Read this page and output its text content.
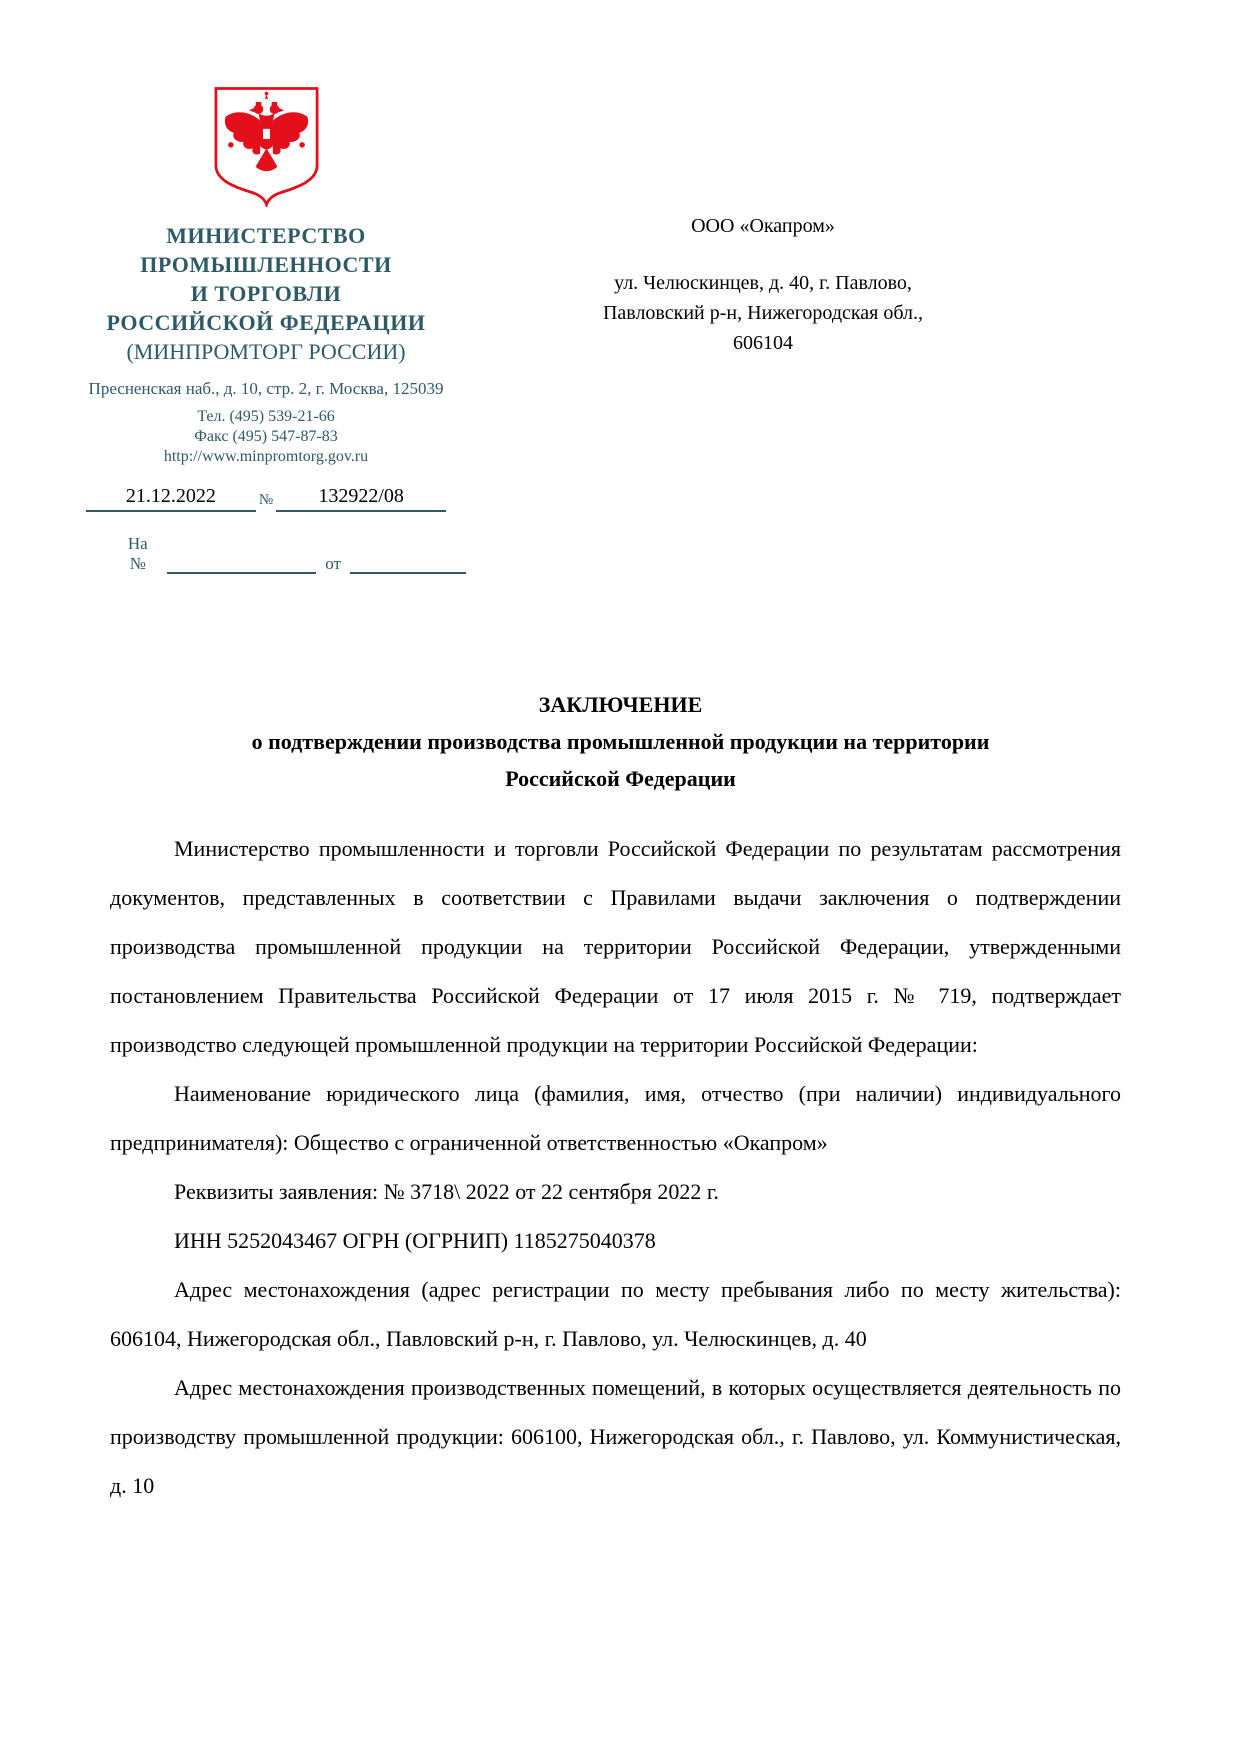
МИНИСТЕРСТВО
ПРОМЫШЛЕННОСТИ
И ТОРГОВЛИ
РОССИЙСКОЙ ФЕДЕРАЦИИ
(МИНПРОМТОРГ РОССИИ)
Пресненская наб., д. 10, стр. 2, г. Москва, 125039
Тел. (495) 539-21-66
Факс (495) 547-87-83
http://www.minpromtorg.gov.ru
21.12.2022	№	132922/08
На №	от
ООО «Окапром»
ул. Челюскинцев, д. 40, г. Павлово,
Павловский р-н, Нижегородская обл.,
606104
ЗАКЛЮЧЕНИЕ
о подтверждении производства промышленной продукции на территории
Российской Федерации

Министерство промышленности и торговли Российской Федерации по результатам рассмотрения документов, представленных в соответствии с Правилами выдачи заключения о подтверждении производства промышленной продукции на территории Российской Федерации, утвержденными постановлением Правительства Российской Федерации от 17 июля 2015 г. № 719, подтверждает производство следующей промышленной продукции на территории Российской Федерации:

Наименование юридического лица (фамилия, имя, отчество (при наличии) индивидуального предпринимателя): Общество с ограниченной ответственностью «Окапром»

Реквизиты заявления: № 3718\ 2022 от 22 сентября 2022 г.

ИНН 5252043467 ОГРН (ОГРНИП) 1185275040378

Адрес местонахождения (адрес регистрации по месту пребывания либо по месту жительства): 606104, Нижегородская обл., Павловский р-н, г. Павлово, ул. Челюскинцев, д. 40

Адрес местонахождения производственных помещений, в которых осуществляется деятельность по производству промышленной продукции: 606100, Нижегородская обл., г. Павлово, ул. Коммунистическая, д. 10
